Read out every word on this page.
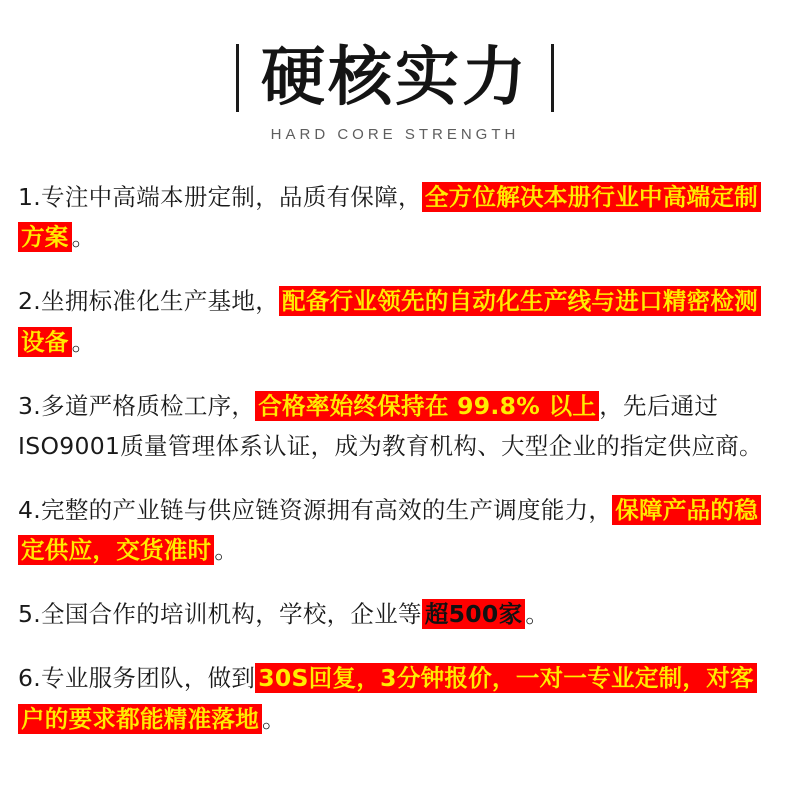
硬核实力
HARD CORE STRENGTH

1.专注中高端本册定制，品质有保障， 全方位解决本册行业中高端定制方案 。

2.坐拥标准化生产基地， 配备行业领先的自动化生产线与进口精密检测设备 。

3.多道严格质检工序， 合格率始终保持在 99.8% 以上 ，先后通过ISO9001质量管理体系认证，成为教育机构、大型企业的指定供应商。

4.完整的产业链与供应链资源拥有高效的生产调度能力， 保障产品的稳定供应，交货准时 。

5.全国合作的培训机构，学校，企业等 超500家 。

6.专业服务团队，做到 30S回复，3分钟报价，一对一专业定制，对客户的要求都能精准落地 。
